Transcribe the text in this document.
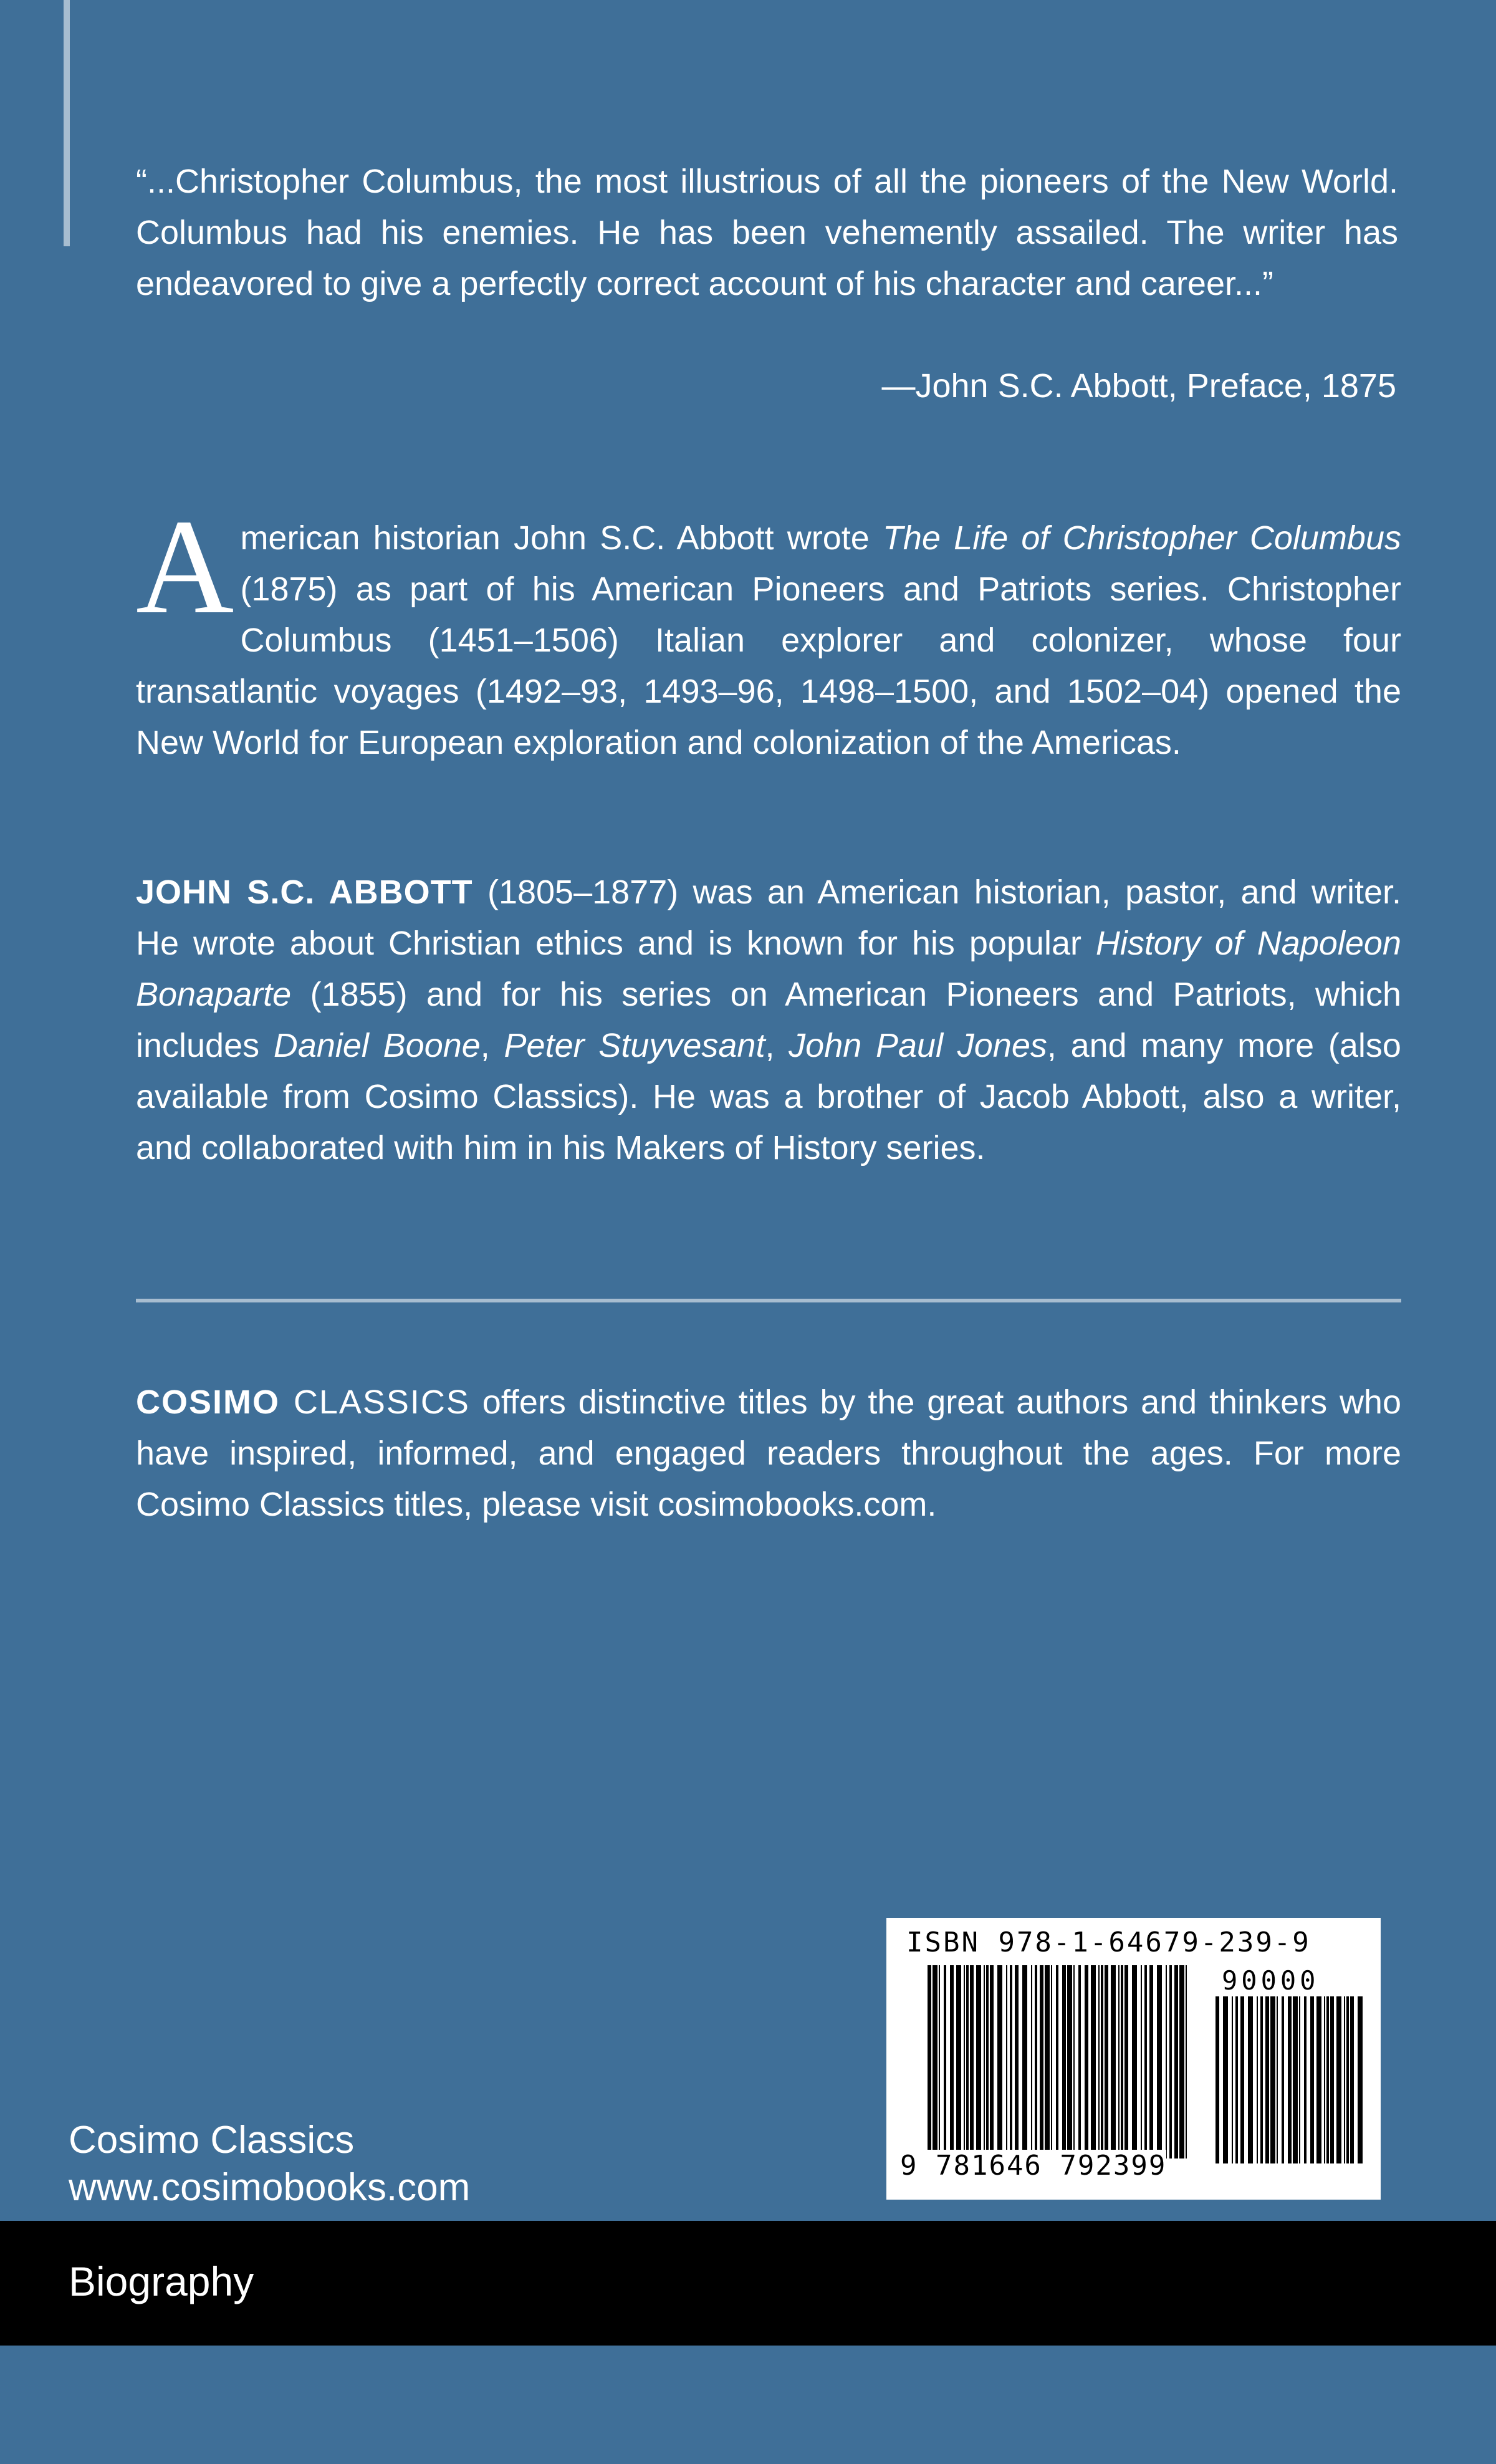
“...Christopher Columbus, the most illustrious of all the pioneers of the New World. Columbus had his enemies. He has been vehemently assailed. The writer has endeavored to give a perfectly correct account of his character and career...”
—John S.C. Abbott, Preface, 1875
American historian John S.C. Abbott wrote The Life of Christopher Columbus (1875) as part of his American Pioneers and Patriots series. Christopher Columbus (1451–1506) Italian explorer and colonizer, whose four transatlantic voyages (1492–93, 1493–96, 1498–1500, and 1502–04) opened the New World for European exploration and colonization of the Americas.
JOHN S.C. ABBOTT (1805–1877) was an American historian, pastor, and writer. He wrote about Christian ethics and is known for his popular History of Napoleon Bonaparte (1855) and for his series on American Pioneers and Patriots, which includes Daniel Boone, Peter Stuyvesant, John Paul Jones, and many more (also available from Cosimo Classics). He was a brother of Jacob Abbott, also a writer, and collaborated with him in his Makers of History series.
COSIMO CLASSICS offers distinctive titles by the great authors and thinkers who have inspired, informed, and engaged readers throughout the ages. For more Cosimo Classics titles, please visit cosimobooks.com.
Cosimo Classics
www.cosimobooks.com
ISBN 978-1-64679-239-9
90000
9 781646 792399
Biography
